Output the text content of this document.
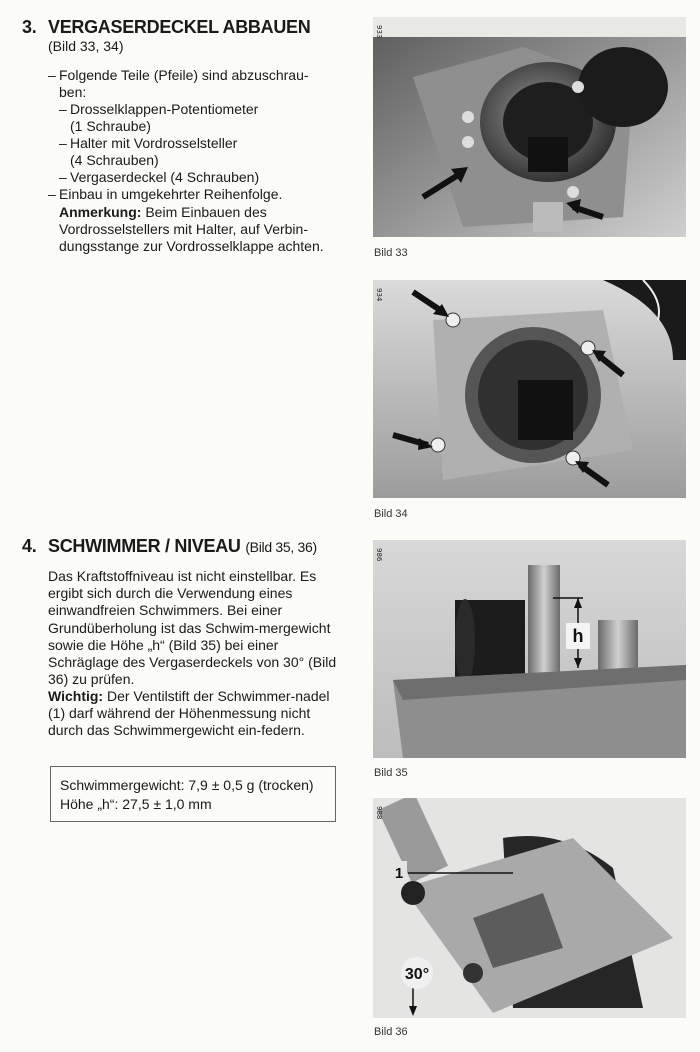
3. VERGASERDECKEL ABBAUEN
(Bild 33, 34)
– Folgende Teile (Pfeile) sind abzuschrau-
ben:
– Drosselklappen-Potentiometer
(1 Schraube)
– Halter mit Vordrosselsteller
(4 Schrauben)
– Vergaserdeckel (4 Schrauben)
– Einbau in umgekehrter Reihenfolge.
Anmerkung: Beim Einbauen des Vordrosselstellers mit Halter, auf Verbin-dungsstange zur Vordrosselklappe achten.
4. SCHWIMMER / NIVEAU (Bild 35, 36)
Das Kraftstoffniveau ist nicht einstellbar. Es ergibt sich durch die Verwendung eines einwandfreien Schwimmers. Bei einer Grundüberholung ist das Schwim-mergewicht sowie die Höhe „h“ (Bild 35) bei einer Schräglage des Vergaserdeckels von 30° (Bild 36) zu prüfen.
Wichtig: Der Ventilstift der Schwimmer-nadel (1) darf während der Höhenmessung nicht durch das Schwimmergewicht ein-federn.
Schwimmergewicht: 7,9 ± 0,5 g (trocken)
Höhe „h“: 27,5 ± 1,0 mm
933
Bild 33
934
Bild 34
h
986
Bild 35
1
30°
988
Bild 36
